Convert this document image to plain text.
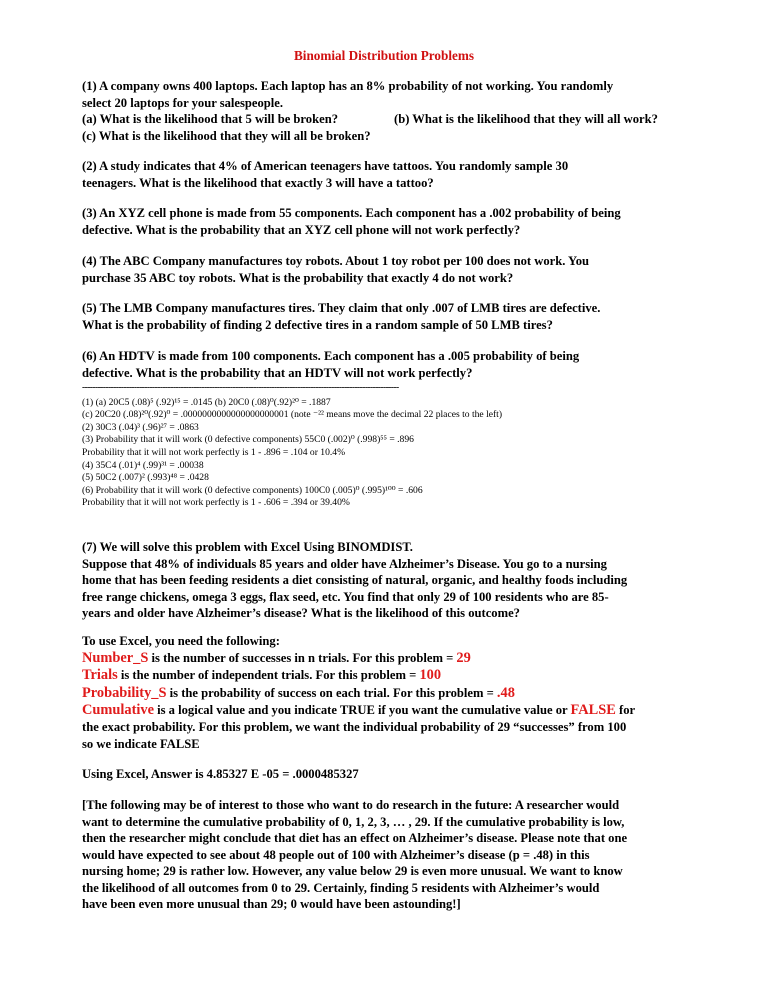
Binomial Distribution Problems
(1) A company owns 400 laptops. Each laptop has an 8% probability of not working. You randomly
select 20 laptops for your salespeople.
(a) What is the likelihood that 5 will be broken?	(b) What is the likelihood that they will all work?
(c) What is the likelihood that they will all be broken?
(2) A study indicates that 4% of American teenagers have tattoos. You randomly sample 30
teenagers. What is the likelihood that exactly 3 will have a tattoo?
(3) An XYZ cell phone is made from 55 components. Each component has a .002 probability of being
defective. What is the probability that an XYZ cell phone will not work perfectly?
(4) The ABC Company manufactures toy robots. About 1 toy robot per 100 does not work. You
purchase 35 ABC toy robots. What is the probability that exactly 4 do not work?
(5) The LMB Company manufactures tires. They claim that only .007 of LMB tires are defective.
What is the probability of finding 2 defective tires in a random sample of 50 LMB tires?
(6) An HDTV is made from 100 components. Each component has a .005 probability of being
defective. What is the probability that an HDTV will not work perfectly?
--------------------------------------------------------------------------------------------------------------------------
(1) (a) 20C5 (.08)⁵ (.92)¹⁵ = .0145 (b) 20C0 (.08)⁰(.92)²⁰ = .1887
(c) 20C20 (.08)²⁰(.92)⁰ = .0000000000000000000001 (note ⁻²² means move the decimal 22 places to the left)
(2) 30C3 (.04)³ (.96)²⁷ = .0863
(3) Probability that it will work (0 defective components) 55C0 (.002)⁰ (.998)⁵⁵ = .896
Probability that it will not work perfectly is 1 - .896 = .104 or 10.4%
(4) 35C4 (.01)⁴ (.99)³¹ = .00038
(5) 50C2 (.007)² (.993)⁴⁸ = .0428
(6) Probability that it will work (0 defective components) 100C0 (.005)⁰ (.995)¹⁰⁰ = .606
Probability that it will not work perfectly is 1 - .606 = .394 or 39.40%
(7) We will solve this problem with Excel Using BINOMDIST.
Suppose that 48% of individuals 85 years and older have Alzheimer’s Disease. You go to a nursing
home that has been feeding residents a diet consisting of natural, organic, and healthy foods including
free range chickens, omega 3 eggs, flax seed, etc. You find that only 29 of 100 residents who are 85-
years and older have Alzheimer’s disease? What is the likelihood of this outcome?
To use Excel, you need the following:
Number_S is the number of successes in n trials. For this problem = 29
Trials is the number of independent trials. For this problem = 100
Probability_S is the probability of success on each trial. For this problem = .48
Cumulative is a logical value and you indicate TRUE if you want the cumulative value or FALSE for
the exact probability. For this problem, we want the individual probability of 29 “successes” from 100
so we indicate FALSE
Using Excel, Answer is 4.85327 E -05 = .0000485327
[The following may be of interest to those who want to do research in the future: A researcher would
want to determine the cumulative probability of 0, 1, 2, 3, … , 29. If the cumulative probability is low,
then the researcher might conclude that diet has an effect on Alzheimer’s disease. Please note that one
would have expected to see about 48 people out of 100 with Alzheimer’s disease (p = .48) in this
nursing home; 29 is rather low. However, any value below 29 is even more unusual. We want to know
the likelihood of all outcomes from 0 to 29. Certainly, finding 5 residents with Alzheimer’s would
have been even more unusual than 29; 0 would have been astounding!]
